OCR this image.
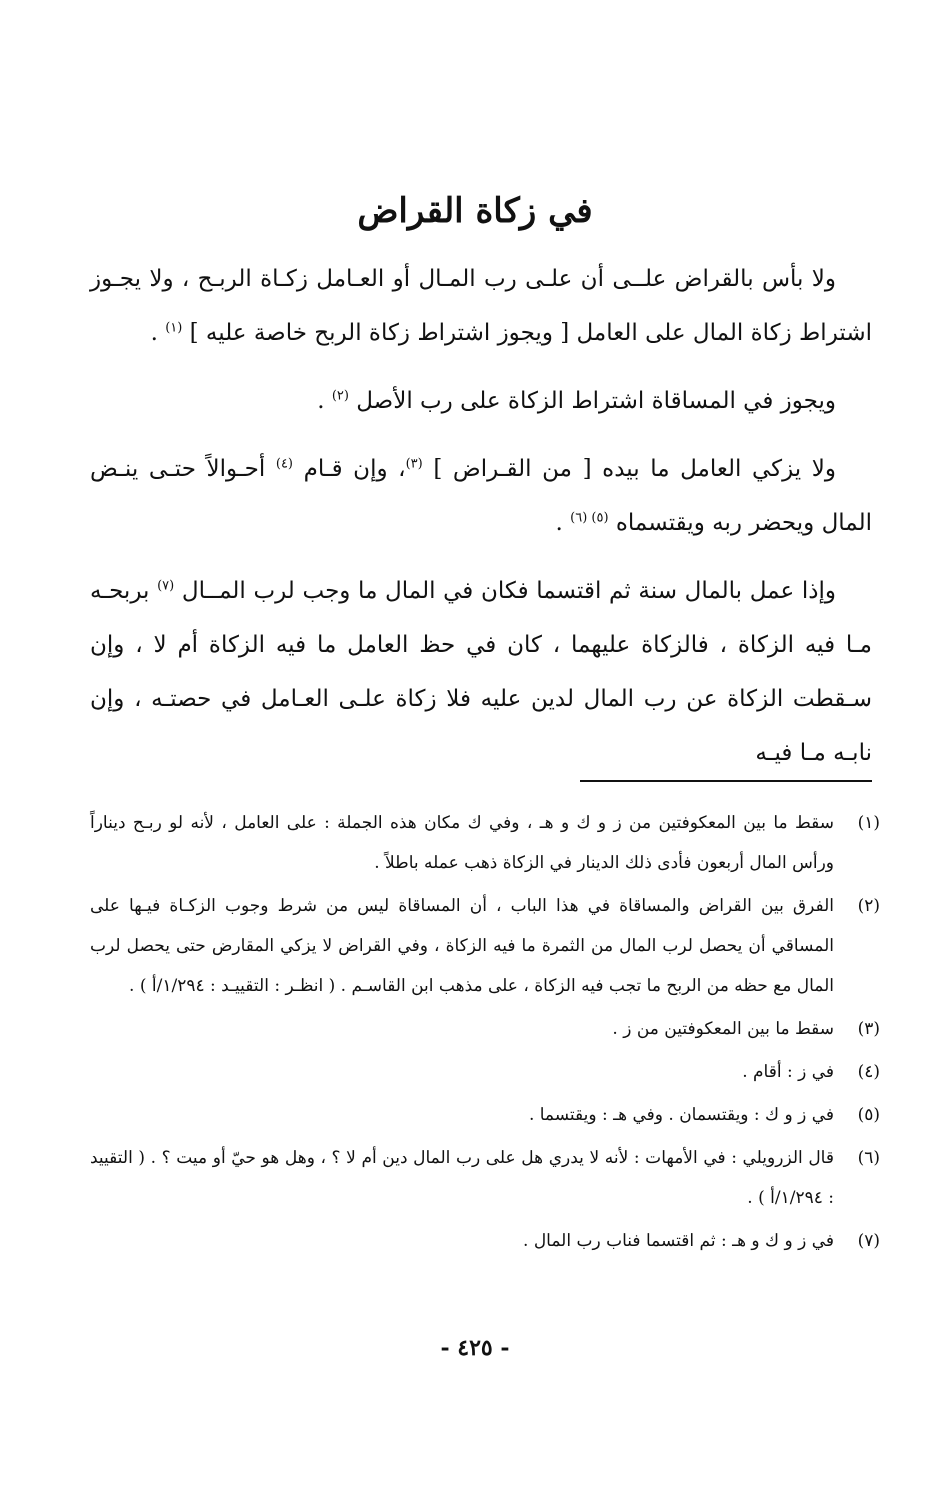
في زكاة القراض

ولا بأس بالقراض علــى أن علـى رب المـال أو العـامل زكـاة الربـح ، ولا يجـوز اشتراط زكاة المال على العامل [ ويجوز اشتراط زكاة الربح خاصة عليه ] $^{(١)}$ .

ويجوز في المساقاة اشتراط الزكاة على رب الأصل $^{(٢)}$ .

ولا يزكي العامل ما بيده [ من القـراض ] $^{(٣)}$، وإن قـام $^{(٤)}$ أحـوالاً حتـى ينـض المال ويحضر ربه ويقتسماه $^{(٥) (٦)}$ .

وإذا عمل بالمال سنة ثم اقتسما فكان في المال ما وجب لرب المــال $^{(٧)}$ بربحـه مـا فيه الزكاة ، فالزكاة عليهما ، كان في حظ العامل ما فيه الزكاة أم لا ، وإن سـقطت الزكاة عن رب المال لدين عليه فلا زكاة علـى العـامل في حصتـه ، وإن نابـه مـا فيـه

(١)
سقط ما بين المعكوفتين من ز و ك و هـ ، وفي ك مكان هذه الجملة : على العامل ، لأنه لو ربـح ديناراً ورأس المال أربعون فأدى ذلك الدينار في الزكاة ذهب عمله باطلاً .
(٢)
الفرق بين القراض والمساقاة في هذا الباب ، أن المساقاة ليس من شرط وجوب الزكـاة فيـها على المساقي أن يحصل لرب المال من الثمرة ما فيه الزكاة ، وفي القراض لا يزكي المقارض حتى يحصل لرب المال مع حظه من الربح ما تجب فيه الزكاة ، على مذهب ابن القاسـم . ( انظـر : التقييـد : ١/٢٩٤/أ ) .
(٣)
سقط ما بين المعكوفتين من ز .
(٤)
في ز : أقام .
(٥)
في ز و ك : ويقتسمان . وفي هـ : ويقتسما .
(٦)
قال الزرويلي : في الأمهات : لأنه لا يدري هل على رب المال دين أم لا ؟ ، وهل هو حيّ أو ميت ؟ . ( التقييد : ١/٢٩٤/أ ) .
(٧)
في ز و ك و هـ : ثم اقتسما فناب رب المال .
- ٤٢٥ -
